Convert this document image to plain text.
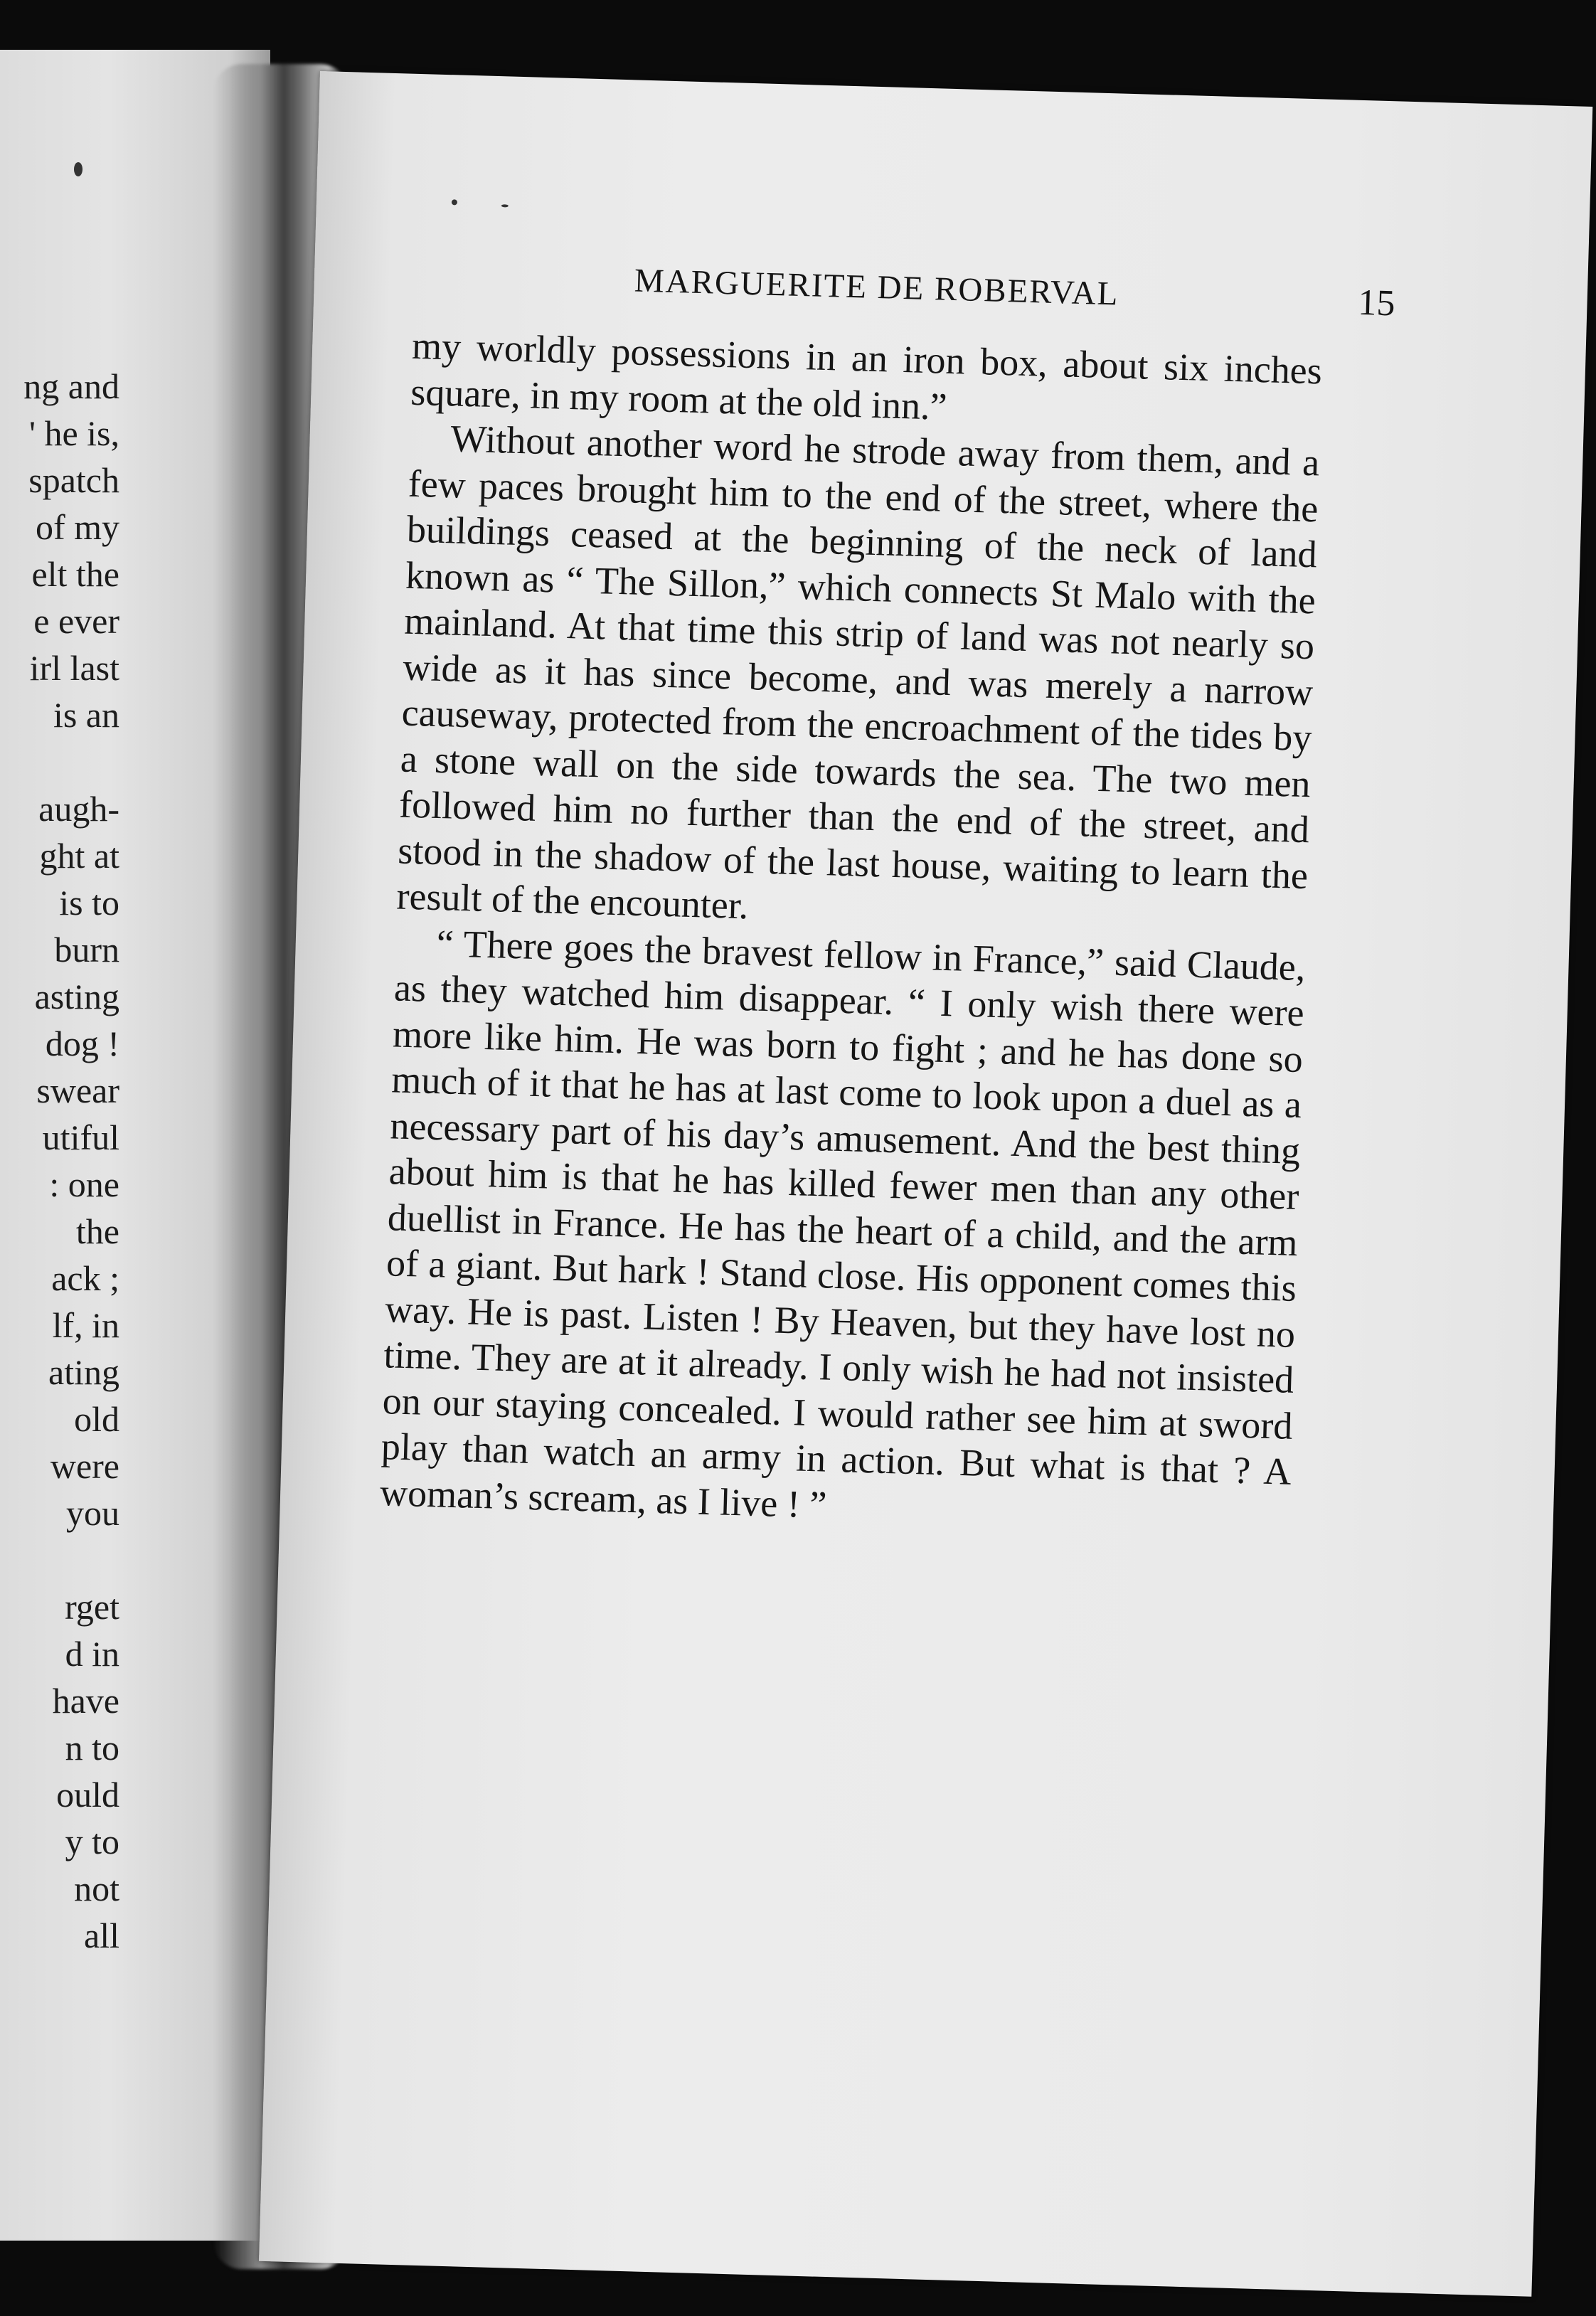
ng and
' he is,
spatch
of my
elt the
e ever
irl last
is an
augh-
ght at
is to
burn
asting
dog !
swear
utiful
: one
the
ack ;
lf, in
ating
old
were
you
rget
d in
have
n to
ould
y to
not
all
MARGUERITE DE ROBERVAL	15

my worldly possessions in an iron box, about six inches square, in my room at the old inn.”

Without another word he strode away from them, and a few paces brought him to the end of the street, where the buildings ceased at the beginning of the neck of land known as “ The Sillon,” which connects St Malo with the mainland. At that time this strip of land was not nearly so wide as it has since become, and was merely a narrow causeway, protected from the encroachment of the tides by a stone wall on the side towards the sea. The two men followed him no further than the end of the street, and stood in the shadow of the last house, waiting to learn the result of the encounter.

“ There goes the bravest fellow in France,” said Claude, as they watched him disappear. “ I only wish there were more like him. He was born to fight ; and he has done so much of it that he has at last come to look upon a duel as a necessary part of his day’s amusement. And the best thing about him is that he has killed fewer men than any other duellist in France. He has the heart of a child, and the arm of a giant. But hark ! Stand close. His opponent comes this way. He is past. Listen ! By Heaven, but they have lost no time. They are at it already. I only wish he had not insisted on our staying concealed. I would rather see him at sword play than watch an army in action. But what is that ? A woman’s scream, as I live ! ”
